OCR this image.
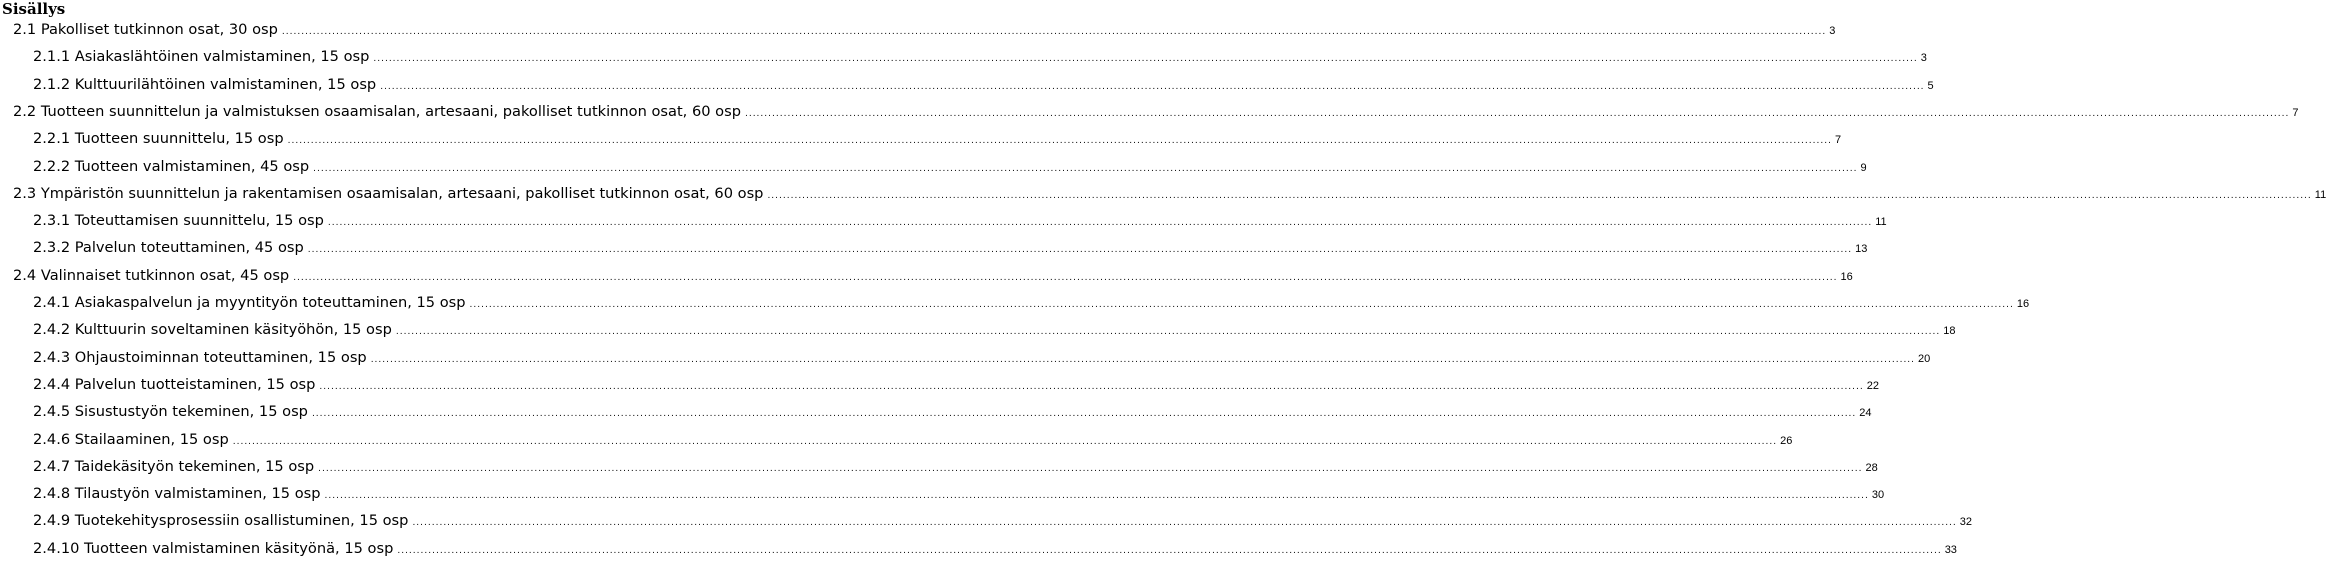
Sisällys
2.1 Pakolliset tutkinnon osat, 30 osp ................................................................................................................................................................................................................................................................................................................................................................................................................ 3
2.1.1 Asiakaslähtöinen valmistaminen, 15 osp ................................................................................................................................................................................................................................................................................................................................................................................................................ 3
2.1.2 Kulttuurilähtöinen valmistaminen, 15 osp ................................................................................................................................................................................................................................................................................................................................................................................................................ 5
2.2 Tuotteen suunnittelun ja valmistuksen osaamisalan, artesaani, pakolliset tutkinnon osat, 60 osp ................................................................................................................................................................................................................................................................................................................................................................................................................ 7
2.2.1 Tuotteen suunnittelu, 15 osp ................................................................................................................................................................................................................................................................................................................................................................................................................ 7
2.2.2 Tuotteen valmistaminen, 45 osp ................................................................................................................................................................................................................................................................................................................................................................................................................ 9
2.3 Ympäristön suunnittelun ja rakentamisen osaamisalan, artesaani, pakolliset tutkinnon osat, 60 osp ................................................................................................................................................................................................................................................................................................................................................................................................................ 11
2.3.1 Toteuttamisen suunnittelu, 15 osp ................................................................................................................................................................................................................................................................................................................................................................................................................ 11
2.3.2 Palvelun toteuttaminen, 45 osp ................................................................................................................................................................................................................................................................................................................................................................................................................ 13
2.4 Valinnaiset tutkinnon osat, 45 osp ................................................................................................................................................................................................................................................................................................................................................................................................................ 16
2.4.1 Asiakaspalvelun ja myyntityön toteuttaminen, 15 osp ................................................................................................................................................................................................................................................................................................................................................................................................................ 16
2.4.2 Kulttuurin soveltaminen käsityöhön, 15 osp ................................................................................................................................................................................................................................................................................................................................................................................................................ 18
2.4.3 Ohjaustoiminnan toteuttaminen, 15 osp ................................................................................................................................................................................................................................................................................................................................................................................................................ 20
2.4.4 Palvelun tuotteistaminen, 15 osp ................................................................................................................................................................................................................................................................................................................................................................................................................ 22
2.4.5 Sisustustyön tekeminen, 15 osp ................................................................................................................................................................................................................................................................................................................................................................................................................ 24
2.4.6 Stailaaminen, 15 osp ................................................................................................................................................................................................................................................................................................................................................................................................................ 26
2.4.7 Taidekäsityön tekeminen, 15 osp ................................................................................................................................................................................................................................................................................................................................................................................................................ 28
2.4.8 Tilaustyön valmistaminen, 15 osp ................................................................................................................................................................................................................................................................................................................................................................................................................ 30
2.4.9 Tuotekehitysprosessiin osallistuminen, 15 osp ................................................................................................................................................................................................................................................................................................................................................................................................................ 32
2.4.10 Tuotteen valmistaminen käsityönä, 15 osp ................................................................................................................................................................................................................................................................................................................................................................................................................ 33
